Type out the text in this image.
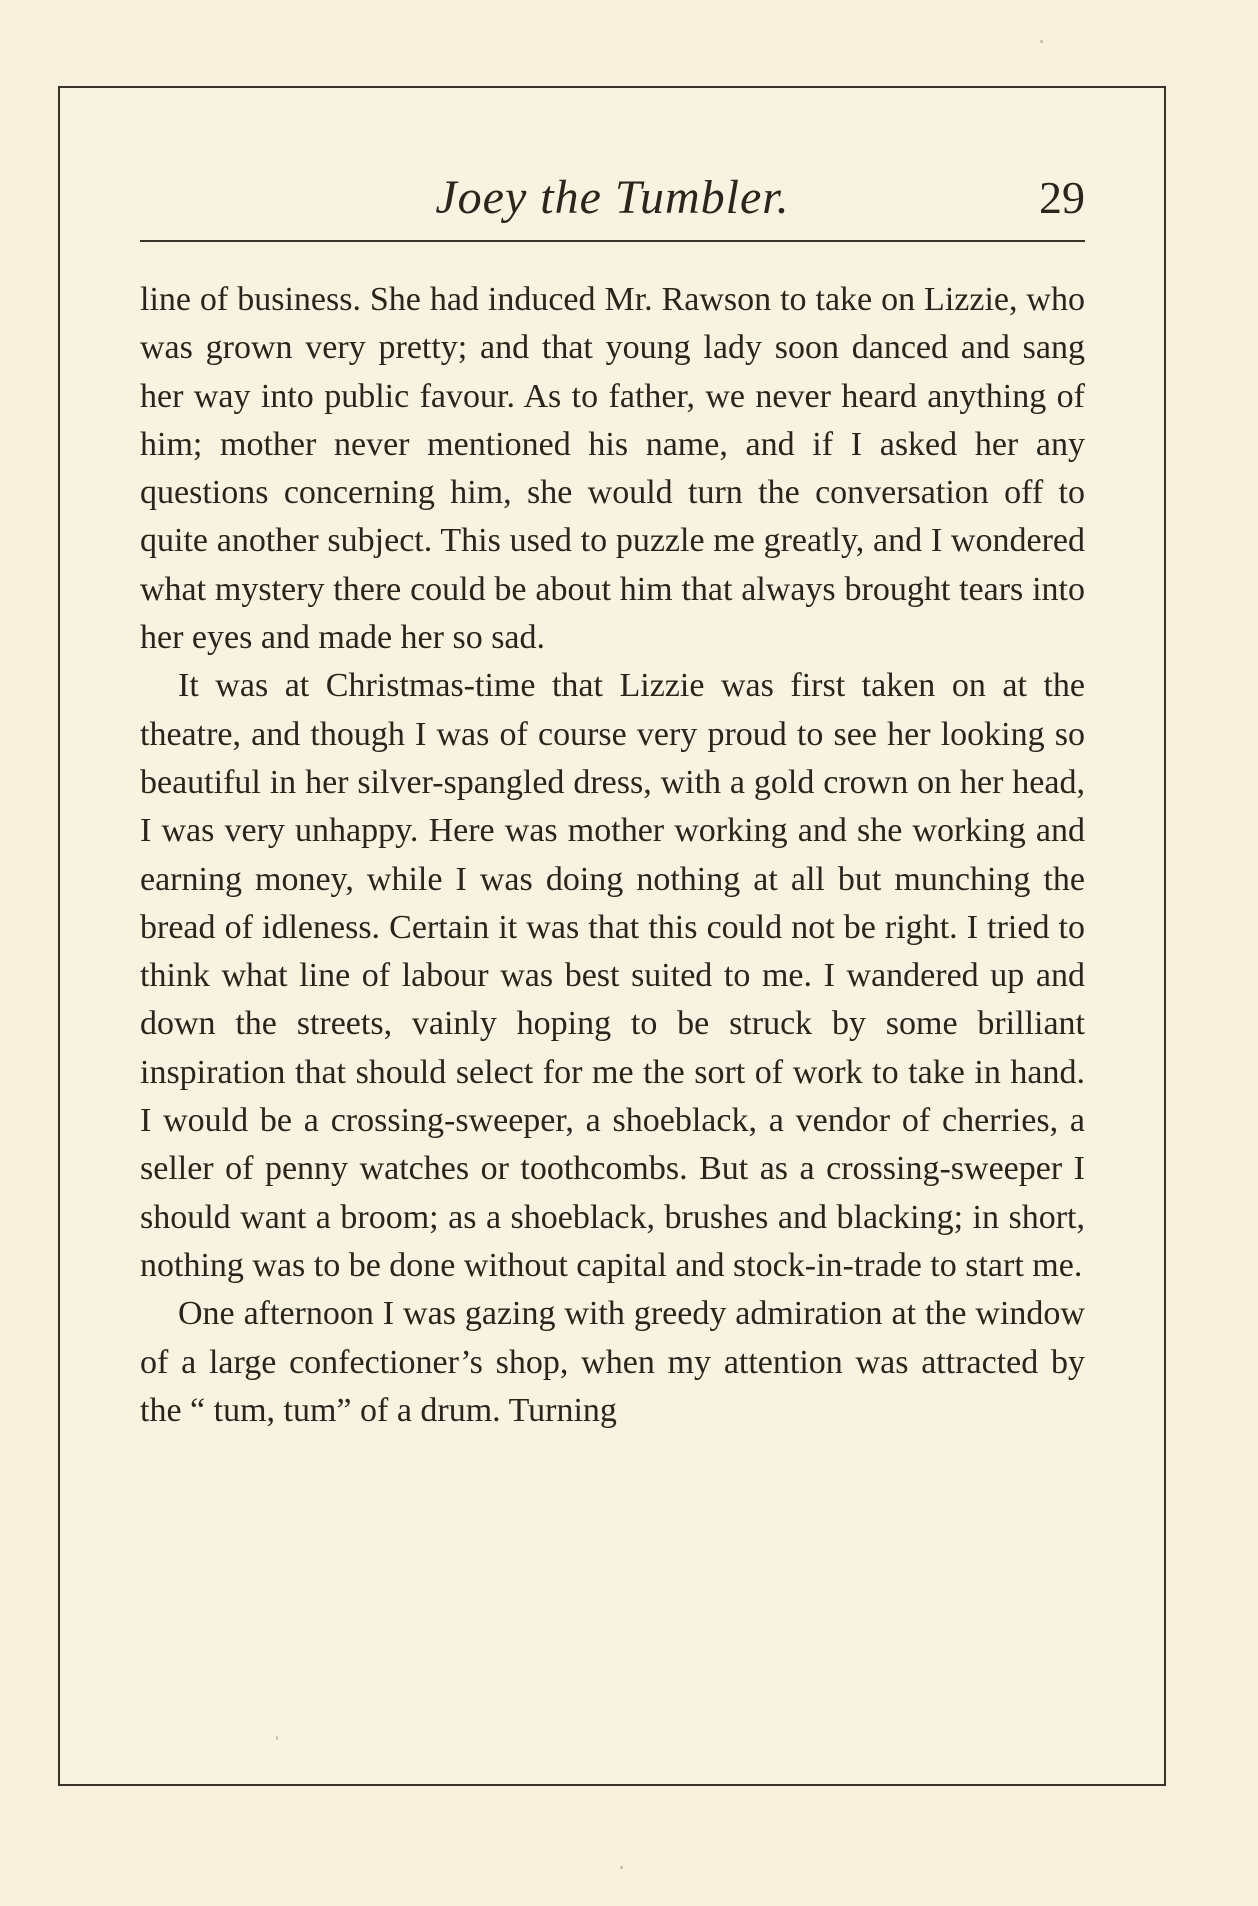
Joey the Tumbler.	29

line of business. She had induced Mr. Rawson to take on Lizzie, who was grown very pretty; and that young lady soon danced and sang her way into public favour. As to father, we never heard anything of him; mother never mentioned his name, and if I asked her any questions concerning him, she would turn the conversation off to quite another subject. This used to puzzle me greatly, and I wondered what mystery there could be about him that always brought tears into her eyes and made her so sad.

It was at Christmas-time that Lizzie was first taken on at the theatre, and though I was of course very proud to see her looking so beautiful in her silver-spangled dress, with a gold crown on her head, I was very unhappy. Here was mother working and she working and earning money, while I was doing nothing at all but munching the bread of idleness. Certain it was that this could not be right. I tried to think what line of labour was best suited to me. I wandered up and down the streets, vainly hoping to be struck by some brilliant inspiration that should select for me the sort of work to take in hand. I would be a crossing-sweeper, a shoeblack, a vendor of cherries, a seller of penny watches or toothcombs. But as a crossing-sweeper I should want a broom; as a shoeblack, brushes and blacking; in short, nothing was to be done without capital and stock-in-trade to start me.

One afternoon I was gazing with greedy admiration at the window of a large confectioner’s shop, when my attention was attracted by the “ tum, tum” of a drum. Turning
